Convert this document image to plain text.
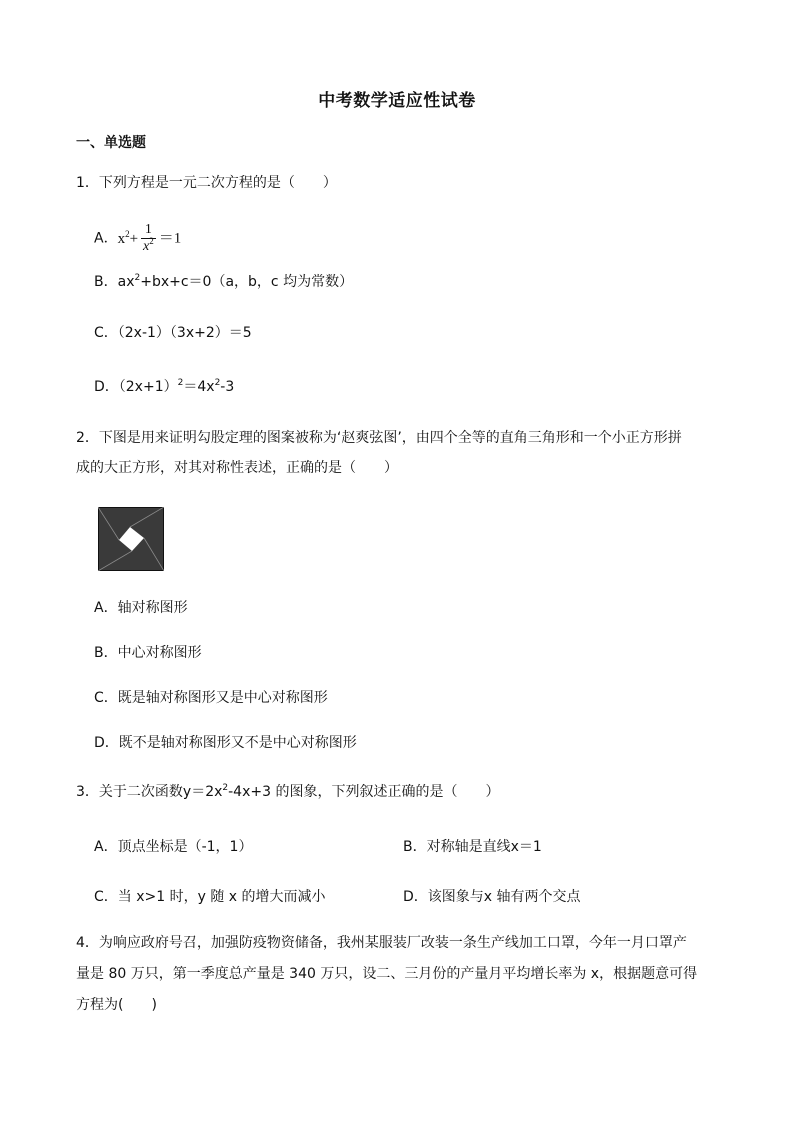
中考数学适应性试卷
一、单选题
1．下列方程是一元二次方程的是（　　）
A．$x^2+ \frac{1}{x^2} =1$
B．$ax^2+bx+c=0(a$，b，c 均为常数）
C．（2x-1）（3x+2）＝5
D．$(2x+1)^2=4x^2-3$
2．下图是用来证明勾股定理的图案被称为‘赵爽弦图’，由四个全等的直角三角形和一个小正方形拼
成的大正方形，对其对称性表述，正确的是（　　）
A．轴对称图形
B．中心对称图形
C．既是轴对称图形又是中心对称图形
D．既不是轴对称图形又不是中心对称图形
3．关于二次函数$y=2x^2-4x+3$ 的图象，下列叙述正确的是（　　）
A．顶点坐标是（-1，1）	B．对称轴是直线x＝1
C．当 x>1 时，y 随 x 的增大而减小	D．该图象与x 轴有两个交点
4．为响应政府号召，加强防疫物资储备，我州某服装厂改装一条生产线加工口罩，今年一月口罩产
量是 80 万只，第一季度总产量是 340 万只，设二、三月份的产量月平均增长率为 x，根据题意可得
方程为(　　)
